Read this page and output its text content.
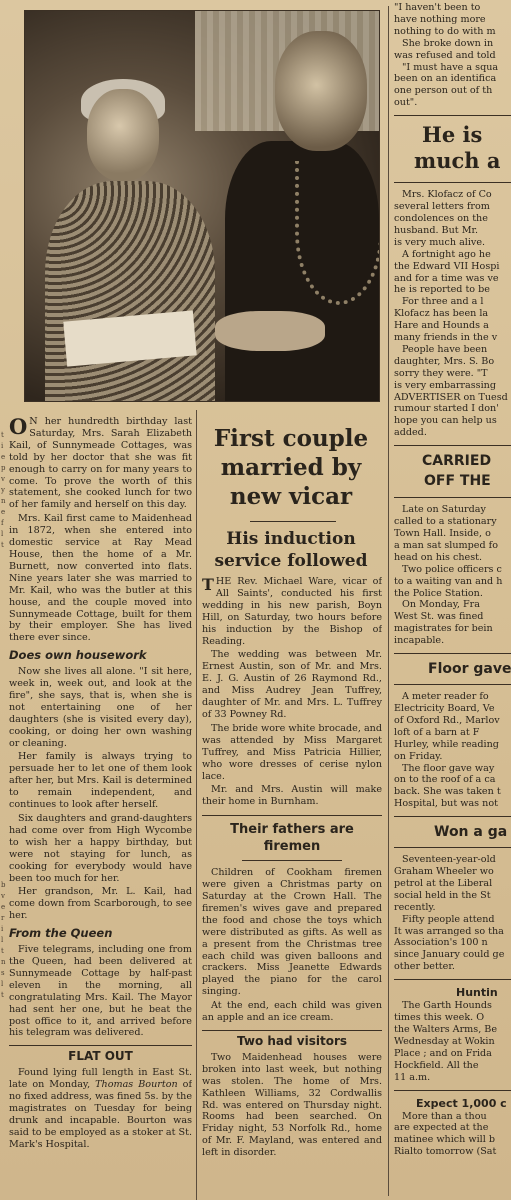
t
i
e
p
v
y
n
e
f
l
t
b
v
e
r
i
l
t
n
s
l
t

O N her hundredth birthday last Saturday, Mrs. Sarah Elizabeth Kail, of Sunnymeade Cottages, was told by her doctor that she was fit enough to carry on for many years to come. To prove the worth of this statement, she cooked lunch for two of her family and herself on this day.

Mrs. Kail first came to Maidenhead in 1872, when she entered into domestic service at Ray Mead House, then the home of a Mr. Burnett, now converted into flats. Nine years later she was married to Mr. Kail, who was the butler at this house, and the couple moved into Sunnymeade Cottage, built for them by their employer. She has lived there ever since.

Does own housework

Now she lives all alone. "I sit here, week in, week out, and look at the fire", she says, that is, when she is not entertaining one of her daughters (she is visited every day), cooking, or doing her own washing or cleaning.

Her family is always trying to persuade her to let one of them look after her, but Mrs. Kail is determined to remain independent, and continues to look after herself.

Six daughters and grand-daughters had come over from High Wycombe to wish her a happy birthday, but were not staying for lunch, as cooking for everybody would have been too much for her.

Her grandson, Mr. L. Kail, had come down from Scarborough, to see her.

From the Queen

Five telegrams, including one from the Queen, had been delivered at Sunnymeade Cottage by half-past eleven in the morning, all congratulating Mrs. Kail. The Mayor had sent her one, but he beat the post office to it, and arrived before his telegram was delivered.

FLAT OUT

Found lying full length in East St. late on Monday, Thomas Bourton of no fixed address, was fined 5s. by the magistrates on Tuesday for being drunk and incapable. Bourton was said to be employed as a stoker at St. Mark's Hospital.

First couple married by new vicar
His induction service followed

THE Rev. Michael Ware, vicar of All Saints', conducted his first wedding in his new parish, Boyn Hill, on Saturday, two hours before his induction by the Bishop of Reading.

The wedding was between Mr. Ernest Austin, son of Mr. and Mrs. E. J. G. Austin of 26 Raymond Rd., and Miss Audrey Jean Tuffrey, daughter of Mr. and Mrs. L. Tuffrey of 33 Powney Rd.

The bride wore white brocade, and was attended by Miss Margaret Tuffrey, and Miss Patricia Hillier, who wore dresses of cerise nylon lace.

Mr. and Mrs. Austin will make their home in Burnham.

Their fathers are firemen

Children of Cookham firemen were given a Christmas party on Saturday at the Crown Hall. The firemen's wives gave and prepared the food and chose the toys which were distributed as gifts. As well as a present from the Christmas tree each child was given balloons and crackers. Miss Jeanette Edwards played the piano for the carol singing.

At the end, each child was given an apple and an ice cream.

Two had visitors

Two Maidenhead houses were broken into last week, but nothing was stolen. The home of Mrs. Kathleen Williams, 32 Cordwallis Rd. was entered on Thursday night. Rooms had been searched. On Friday night, 53 Norfolk Rd., home of Mr. F. Mayland, was entered and left in disorder.

"I haven't been to
have nothing more
nothing to do with m
She broke down in
was refused and told
"I must have a squa
been on an identifica
one person out of th
out".
He is
much a
Mrs. Klofacz of Co
several letters from
condolences on the
husband. But Mr.
is very much alive.
A fortnight ago he
the Edward VII Hospi
and for a time was ve
he is reported to be
For three and a l
Klofacz has been la
Hare and Hounds a
many friends in the v
People have been
daughter, Mrs. S. Bo
sorry they were. "T
is very embarrassing
ADVERTISER on Tuesd
rumour started I don'
hope you can help us
added.
CARRIED
OFF THE
Late on Saturday
called to a stationary
Town Hall. Inside, o
a man sat slumped fo
head on his chest.
Two police officers c
to a waiting van and h
the Police Station.
On Monday, Fra
West St. was fined
magistrates for bein
incapable.
Floor gave
A meter reader fo
Electricity Board, Ve
of Oxford Rd., Marlov
loft of a barn at F
Hurley, while reading
on Friday.
The floor gave way
on to the roof of a ca
back. She was taken t
Hospital, but was not
Won a ga
Seventeen-year-old
Graham Wheeler wo
petrol at the Liberal
social held in the St
recently.
Fifty people attend
It was arranged so tha
Association's 100 n
since January could ge
other better.
Huntin
The Garth Hounds
times this week. O
the Walters Arms, Be
Wednesday at Wokin
Place ; and on Frida
Hockfield. All the
11 a.m.
Expect 1,000 c
More than a thou
are expected at the
matinee which will b
Rialto tomorrow (Sat
